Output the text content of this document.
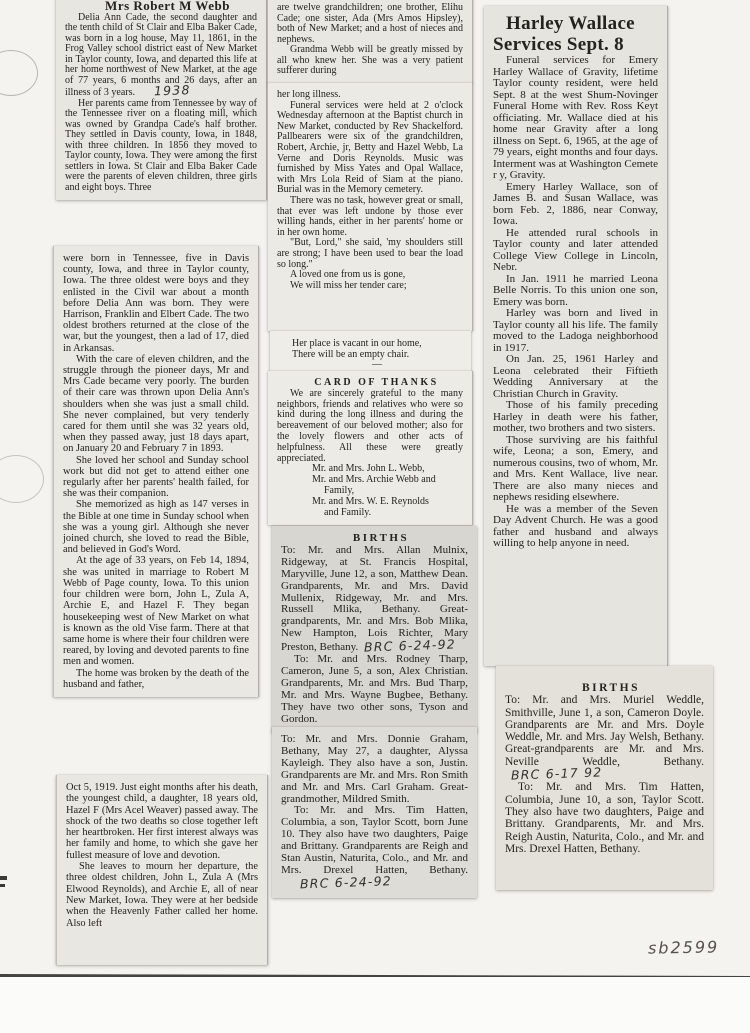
Mrs Robert M Webb

Delia Ann Cade, the second daughter and the tenth child of St Clair and Elba Baker Cade, was born in a log house, May 11, 1861, in the Frog Valley school district east of New Market in Taylor county, Iowa, and departed this life at her home northwest of New Market, at the age of 77 years, 6 months and 26 days, after an illness of 3 years. 1938

Her parents came from Tennessee by way of the Tennessee river on a floating mill, which was owned by Grandpa Cade's half brother. They settled in Davis county, Iowa, in 1848, with three children. In 1856 they moved to Taylor county, Iowa. They were among the first settlers in Iowa. St Clair and Elba Baker Cade were the parents of eleven children, three girls and eight boys. Three

were born in Tennessee, five in Davis county, Iowa, and three in Taylor county, Iowa. The three oldest were boys and they enlisted in the Civil war about a month before Delia Ann was born. They were Harrison, Franklin and Elbert Cade. The two oldest brothers returned at the close of the war, but the youngest, then a lad of 17, died in Arkansas.

With the care of eleven children, and the struggle through the pioneer days, Mr and Mrs Cade became very poorly. The burden of their care was thrown upon Delia Ann's shoulders when she was just a small child. She never complained, but very tenderly cared for them until she was 32 years old, when they passed away, just 18 days apart, on January 20 and February 7 in 1893.

She loved her school and Sunday school work but did not get to attend either one regularly after her parents' health failed, for she was their companion.

She memorized as high as 147 verses in the Bible at one time in Sunday school when she was a young girl. Although she never joined church, she loved to read the Bible, and believed in God's Word.

At the age of 33 years, on Feb 14, 1894, she was united in marriage to Robert M Webb of Page county, Iowa. To this union four children were born, John L, Zula A, Archie E, and Hazel F. They began housekeeping west of New Market on what is known as the old Vise farm. There at that same home is where their four children were reared, by loving and devoted parents to fine men and women.

The home was broken by the death of the husband and father,

Oct 5, 1919. Just eight months after his death, the youngest child, a daughter, 18 years old, Hazel F (Mrs Acel Weaver) passed away. The shock of the two deaths so close together left her heartbroken. Her first interest always was her family and home, to which she gave her fullest measure of love and devotion.

She leaves to mourn her departure, the three oldest children, John L, Zula A (Mrs Elwood Reynolds), and Archie E, all of near New Market, Iowa. They were at her bedside when the Heavenly Father called her home. Also left

are twelve grandchildren; one brother, Elihu Cade; one sister, Ada (Mrs Amos Hipsley), both of New Market; and a host of nieces and nephews.

Grandma Webb will be greatly missed by all who knew her. She was a very patient sufferer during

her long illness.

Funeral services were held at 2 o'clock Wednesday afternoon at the Baptist church in New Market, conducted by Rev Shackelford. Pallbearers were six of the grandchildren, Robert, Archie, jr, Betty and Hazel Webb, La Verne and Doris Reynolds. Music was furnished by Miss Yates and Opal Wallace, with Mrs Lola Reid of Siam at the piano. Burial was in the Memory cemetery.

There was no task, however great or small, that ever was left undone by those ever willing hands, either in her parents' home or in her own home.

"But, Lord," she said, 'my shoulders still are strong; I have been used to bear the load so long."

A loved one from us is gone,

We will miss her tender care;

Her place is vacant in our home,

There will be an empty chair.

—

CARD OF THANKS

We are sincerely grateful to the many neighbors, friends and relatives who were so kind during the long illness and during the bereavement of our beloved mother; also for the lovely flowers and other acts of helpfulness. All these were greatly appreciated.

Mr. and Mrs. John L. Webb,

Mr. and Mrs. Archie Webb and

Family,

Mr. and Mrs. W. E. Reynolds

and Family.

BIRTHS

To: Mr. and Mrs. Allan Mulnix, Ridgeway, at St. Francis Hospital, Maryville, June 12, a son, Matthew Dean. Grandparents, Mr. and Mrs. David Mullenix, Ridgeway, Mr. and Mrs. Russell Mlika, Bethany. Great-grandparents, Mr. and Mrs. Bob Mlika, New Hampton, Lois Richter, Mary Preston, Bethany. BRC 6-24-92

To: Mr. and Mrs. Rodney Tharp, Cameron, June 5, a son, Alex Christian. Grandparents, Mr. and Mrs. Bud Tharp, Mr. and Mrs. Wayne Bugbee, Bethany. They have two other sons, Tyson and Gordon.

To: Mr. and Mrs. Donnie Graham, Bethany, May 27, a daughter, Alyssa Kayleigh. They also have a son, Justin. Grandparents are Mr. and Mrs. Ron Smith and Mr. and Mrs. Carl Graham. Great-grandmother, Mildred Smith.

To: Mr. and Mrs. Tim Hatten, Columbia, a son, Taylor Scott, born June 10. They also have two daughters, Paige and Brittany. Grandparents are Reigh and Stan Austin, Naturita, Colo., and Mr. and Mrs. Drexel Hatten, Bethany.BRC 6-24-92

Harley Wallace
Services Sept. 8

Funeral services for Emery Harley Wallace of Gravity, lifetime Taylor county resident, were held Sept. 8 at the west Shum-Novinger Funeral Home with Rev. Ross Keyt officiating. Mr. Wallace died at his home near Gravity after a long illness on Sept. 6, 1965, at the age of 79 years, eight months and four days. Interment was at Washington Cemete r y, Gravity.

Emery Harley Wallace, son of James B. and Susan Wallace, was born Feb. 2, 1886, near Conway, Iowa.

He attended rural schools in Taylor county and later attended College View College in Lincoln, Nebr.

In Jan. 1911 he married Leona Belle Norris. To this union one son, Emery was born.

Harley was born and lived in Taylor county all his life. The family moved to the Ladoga neighborhood in 1917.

On Jan. 25, 1961 Harley and Leona celebrated their Fiftieth Wedding Anniversary at the Christian Church in Gravity.

Those of his family preceding Harley in death were his father, mother, two brothers and two sisters.

Those surviving are his faithful wife, Leona; a son, Emery, and numerous cousins, two of whom, Mr. and Mrs. Kent Wallace, live near. There are also many nieces and nephews residing elsewhere.

He was a member of the Seven Day Advent Church. He was a good father and husband and always willing to help anyone in need.

BIRTHS

To: Mr. and Mrs. Muriel Weddle, Smithville, June 1, a son, Cameron Doyle. Grandparents are Mr. and Mrs. Doyle Weddle, Mr. and Mrs. Jay Welsh, Bethany. Great-grandparents are Mr. and Mrs. Neville Weddle, Bethany.BRC 6-17 92

To: Mr. and Mrs. Tim Hatten, Columbia, June 10, a son, Taylor Scott. They also have two daughters, Paige and Brittany. Grandparents, Mr. and Mrs. Reigh Austin, Naturita, Colo., and Mr. and Mrs. Drexel Hatten, Bethany.

sb2599
